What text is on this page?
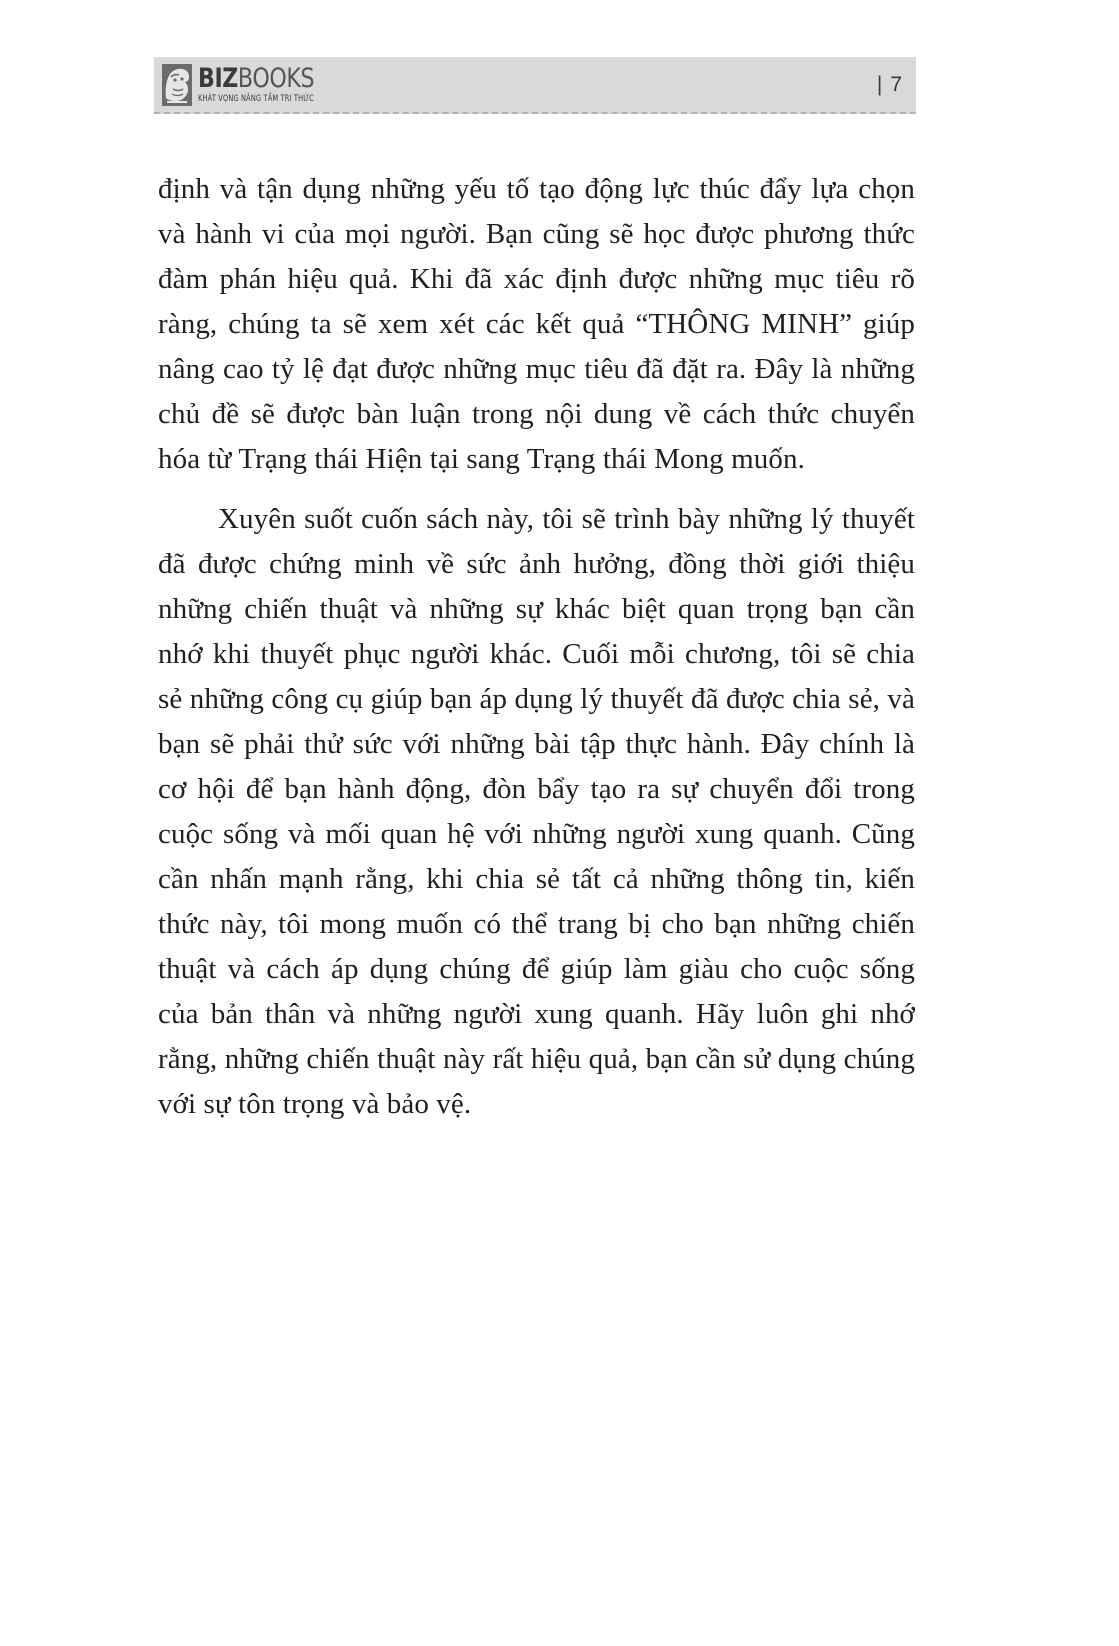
BIZBOOKS
KHÁT VỌNG NÂNG TẦM TRI THỨC
| 7

định và tận dụng những yếu tố tạo động lực thúc đẩy lựa chọn và hành vi của mọi người. Bạn cũng sẽ học được phương thức đàm phán hiệu quả. Khi đã xác định được những mục tiêu rõ ràng, chúng ta sẽ xem xét các kết quả “THÔNG MINH” giúp nâng cao tỷ lệ đạt được những mục tiêu đã đặt ra. Đây là những chủ đề sẽ được bàn luận trong nội dung về cách thức chuyển hóa từ Trạng thái Hiện tại sang Trạng thái Mong muốn.

Xuyên suốt cuốn sách này, tôi sẽ trình bày những lý thuyết đã được chứng minh về sức ảnh hưởng, đồng thời giới thiệu những chiến thuật và những sự khác biệt quan trọng bạn cần nhớ khi thuyết phục người khác. Cuối mỗi chương, tôi sẽ chia sẻ những công cụ giúp bạn áp dụng lý thuyết đã được chia sẻ, và bạn sẽ phải thử sức với những bài tập thực hành. Đây chính là cơ hội để bạn hành động, đòn bẩy tạo ra sự chuyển đổi trong cuộc sống và mối quan hệ với những người xung quanh. Cũng cần nhấn mạnh rằng, khi chia sẻ tất cả những thông tin, kiến thức này, tôi mong muốn có thể trang bị cho bạn những chiến thuật và cách áp dụng chúng để giúp làm giàu cho cuộc sống của bản thân và những người xung quanh. Hãy luôn ghi nhớ rằng, những chiến thuật này rất hiệu quả, bạn cần sử dụng chúng với sự tôn trọng và bảo vệ.
